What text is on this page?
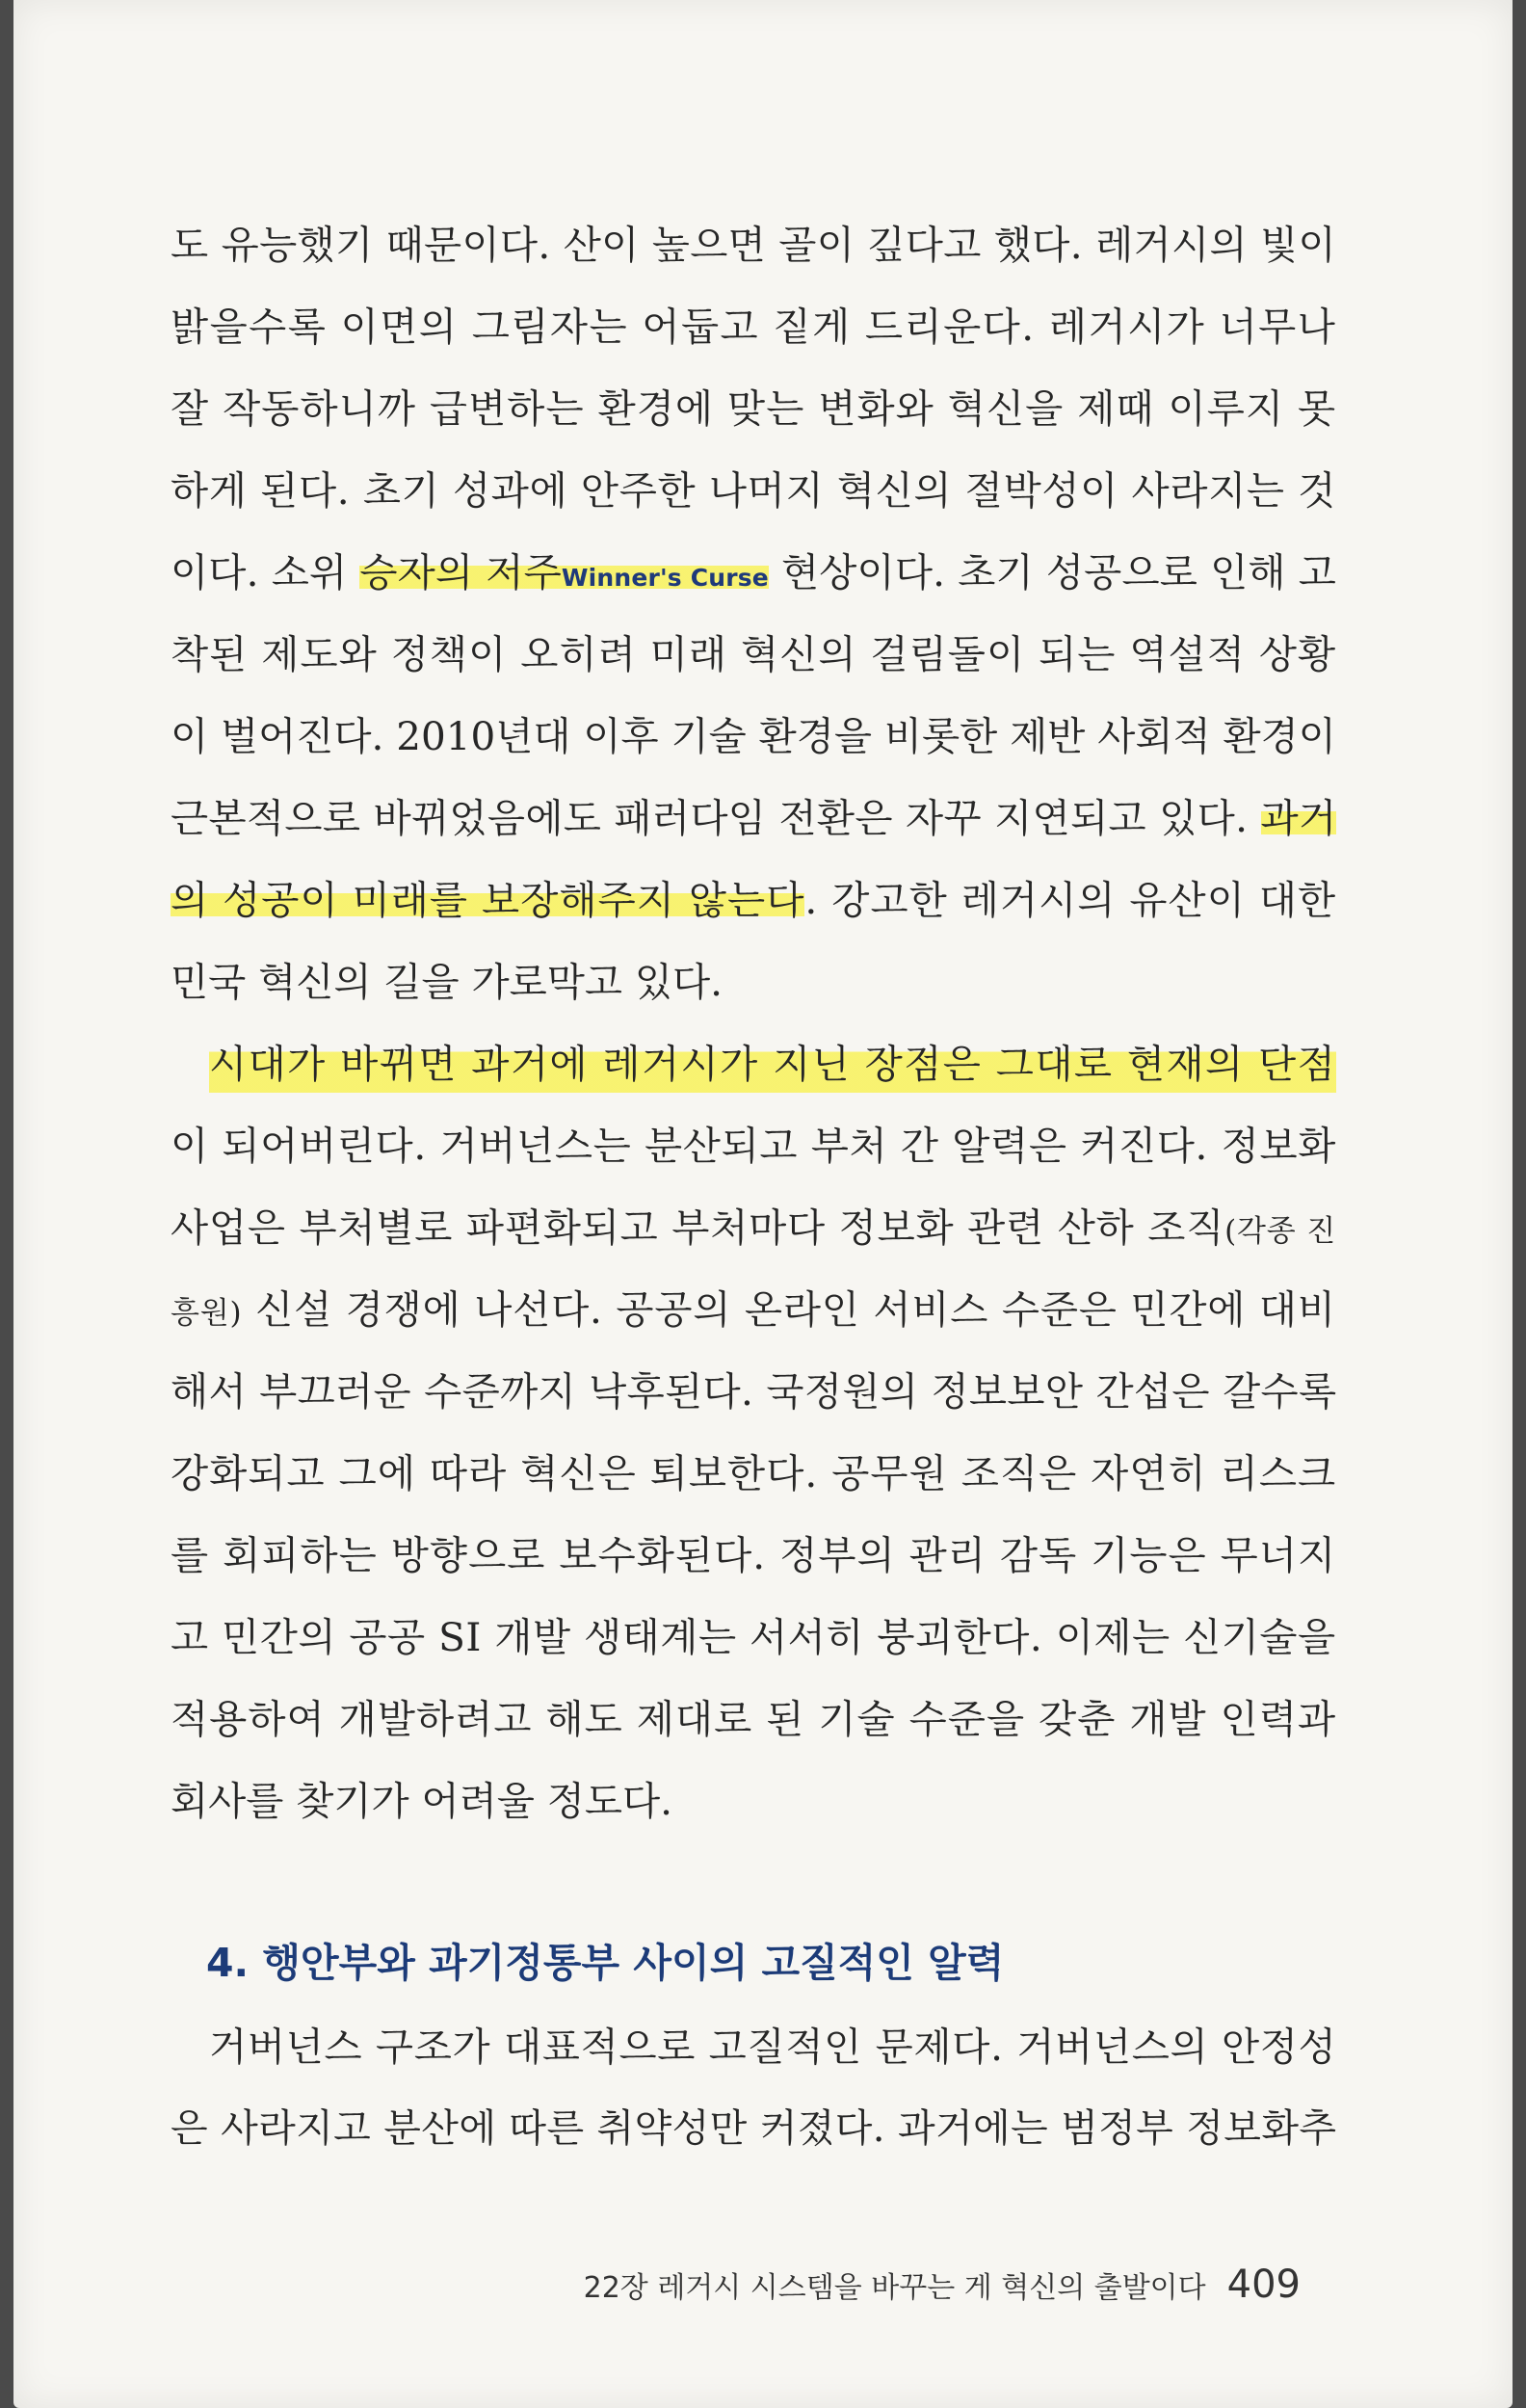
도 유능했기 때문이다. 산이 높으면 골이 깊다고 했다. 레거시의 빛이
밝을수록 이면의 그림자는 어둡고 짙게 드리운다. 레거시가 너무나
잘 작동하니까 급변하는 환경에 맞는 변화와 혁신을 제때 이루지 못
하게 된다. 초기 성과에 안주한 나머지 혁신의 절박성이 사라지는 것
이다. 소위 승자의 저주Winner's Curse 현상이다. 초기 성공으로 인해 고
착된 제도와 정책이 오히려 미래 혁신의 걸림돌이 되는 역설적 상황
이 벌어진다. 2010년대 이후 기술 환경을 비롯한 제반 사회적 환경이
근본적으로 바뀌었음에도 패러다임 전환은 자꾸 지연되고 있다. 과거
의 성공이 미래를 보장해주지 않는다. 강고한 레거시의 유산이 대한
민국 혁신의 길을 가로막고 있다.
시대가 바뀌면 과거에 레거시가 지닌 장점은 그대로 현재의 단점
이 되어버린다. 거버넌스는 분산되고 부처 간 알력은 커진다. 정보화
사업은 부처별로 파편화되고 부처마다 정보화 관련 산하 조직(각종 진
흥원) 신설 경쟁에 나선다. 공공의 온라인 서비스 수준은 민간에 대비
해서 부끄러운 수준까지 낙후된다. 국정원의 정보보안 간섭은 갈수록
강화되고 그에 따라 혁신은 퇴보한다. 공무원 조직은 자연히 리스크
를 회피하는 방향으로 보수화된다. 정부의 관리 감독 기능은 무너지
고 민간의 공공 SI 개발 생태계는 서서히 붕괴한다. 이제는 신기술을
적용하여 개발하려고 해도 제대로 된 기술 수준을 갖춘 개발 인력과
회사를 찾기가 어려울 정도다.
4. 행안부와 과기정통부 사이의 고질적인 알력
거버넌스 구조가 대표적으로 고질적인 문제다. 거버넌스의 안정성
은 사라지고 분산에 따른 취약성만 커졌다. 과거에는 범정부 정보화추
22장 레거시 시스템을 바꾸는 게 혁신의 출발이다 409
